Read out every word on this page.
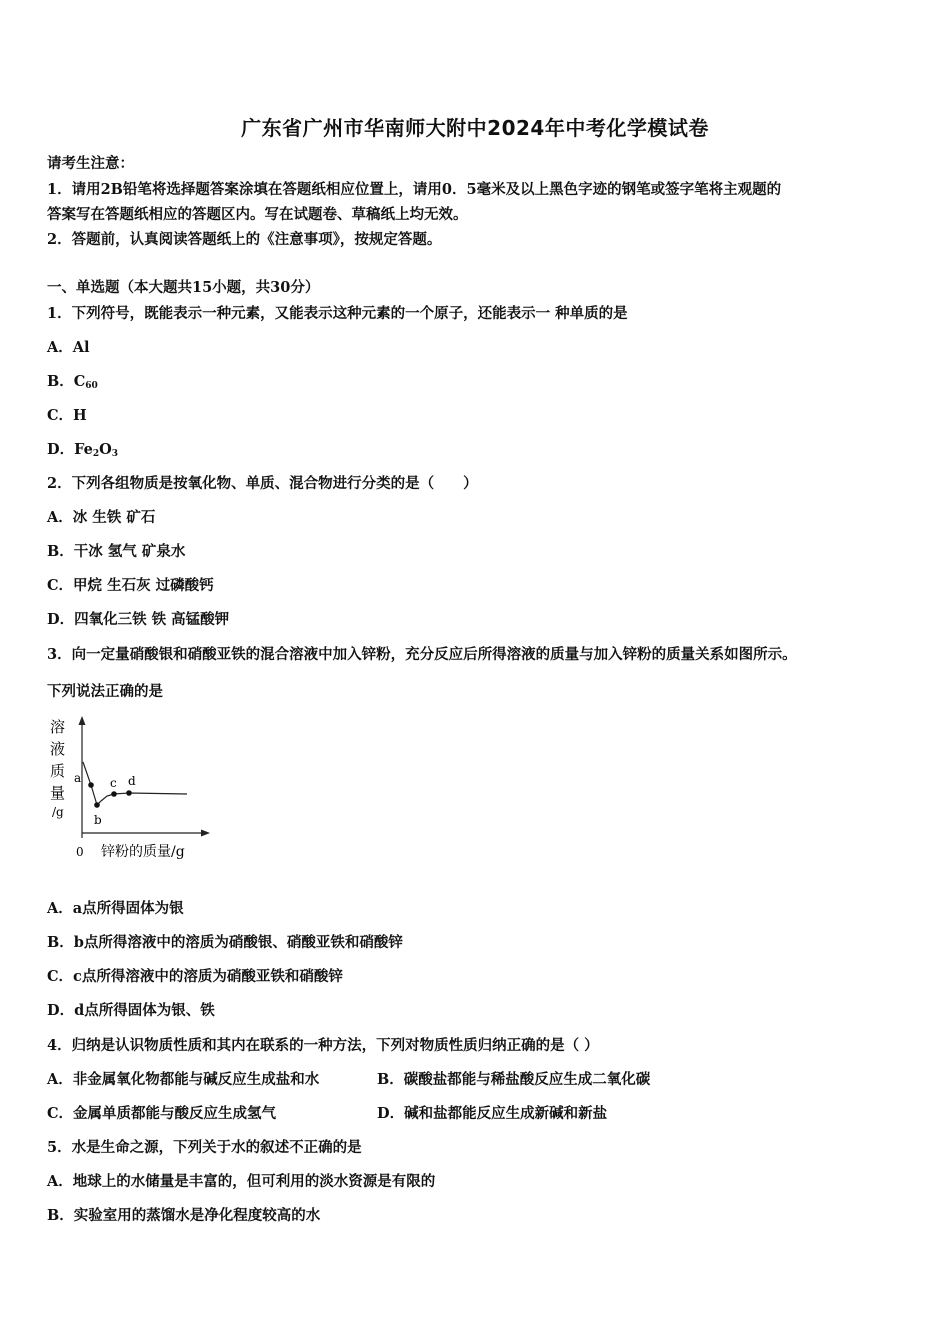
广东省广州市华南师大附中2024年中考化学模试卷
请考生注意：
1．请用2B铅笔将选择题答案涂填在答题纸相应位置上，请用0．5毫米及以上黑色字迹的钢笔或签字笔将主观题的
答案写在答题纸相应的答题区内。写在试题卷、草稿纸上均无效。
2．答题前，认真阅读答题纸上的《注意事项》，按规定答题。
一、单选题（本大题共15小题，共30分）
1．下列符号，既能表示一种元素，又能表示这种元素的一个原子，还能表示一 种单质的是
A．Al
B．$C_{60}$
C．H
D．$Fe_2O_3$
2．下列各组物质是按氧化物、单质、混合物进行分类的是（　　）
A．冰 生铁 矿石
B．干冰 氢气 矿泉水
C．甲烷 生石灰 过磷酸钙
D．四氧化三铁 铁 高锰酸钾
3．向一定量硝酸银和硝酸亚铁的混合溶液中加入锌粉，充分反应后所得溶液的质量与加入锌粉的质量关系如图所示。
下列说法正确的是
溶
液
质
量
/g
a
b
c d
0 锌粉的质量/g
A．a点所得固体为银
B．b点所得溶液中的溶质为硝酸银、硝酸亚铁和硝酸锌
C．c点所得溶液中的溶质为硝酸亚铁和硝酸锌
D．d点所得固体为银、铁
4．归纳是认识物质性质和其内在联系的一种方法，下列对物质性质归纳正确的是（ ）
A．非金属氧化物都能与碱反应生成盐和水	B．碳酸盐都能与稀盐酸反应生成二氧化碳
C．金属单质都能与酸反应生成氢气	D．碱和盐都能反应生成新碱和新盐
5．水是生命之源，下列关于水的叙述不正确的是
A．地球上的水储量是丰富的，但可利用的淡水资源是有限的
B．实验室用的蒸馏水是净化程度较高的水
